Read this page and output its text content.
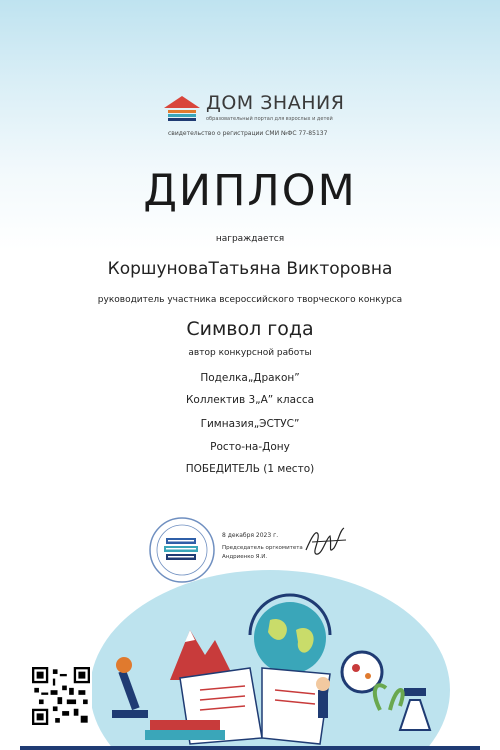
ДОМ ЗНАНИЯ
образовательный портал для взрослых и детей
свидетельство о регистрации СМИ №ФС 77-85137
ДИПЛОМ
награждается
КоршуноваТатьяна Викторовна
руководитель участника всероссийского творческого конкурса
Символ года
автор конкурсной работы
Поделка„Дракон”
Коллектив 3„А” класса
Гимназия„ЭСТУС”
Росто-на-Дону
ПОБЕДИТЕЛЬ (1 место)
8 декабря 2023 г.
Председатель оргкомитета
Андриенко Я.И.
